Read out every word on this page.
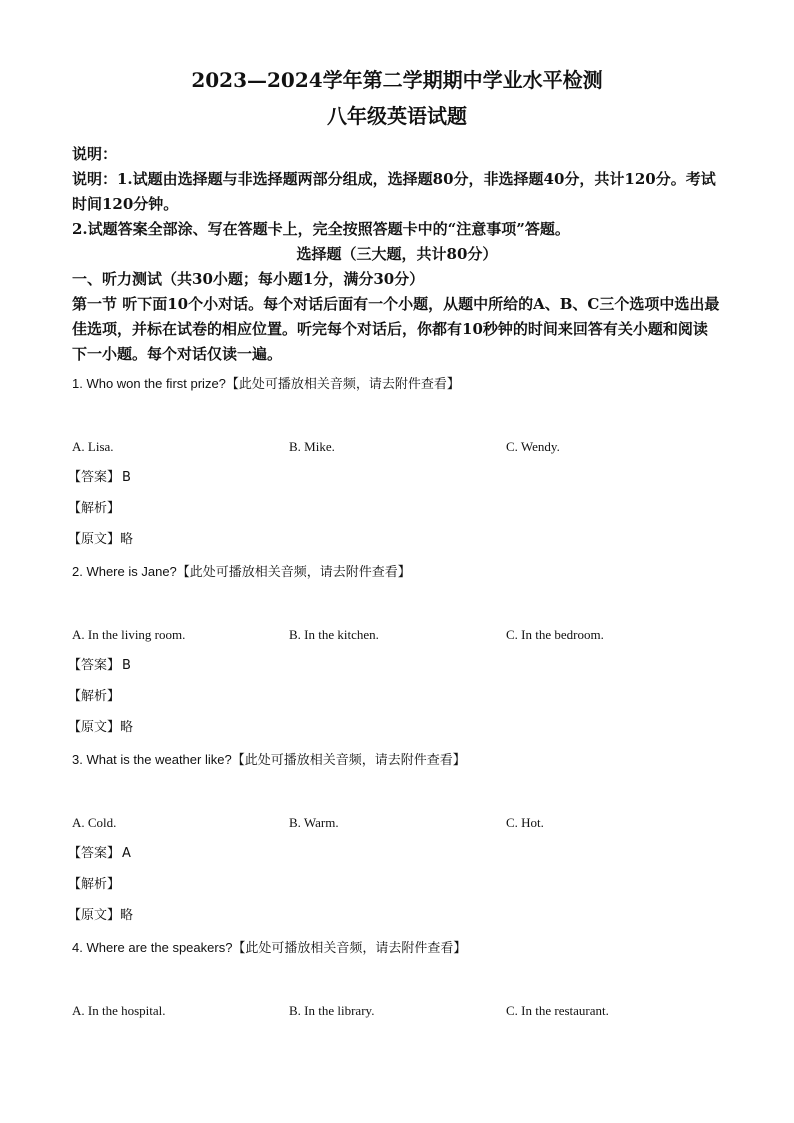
2023—2024学年第二学期期中学业水平检测
八年级英语试题

说明：

说明：1.试题由选择题与非选择题两部分组成，选择题80分，非选择题40分，共计120分。考试时间120分钟。

2.试题答案全部涂、写在答题卡上，完全按照答题卡中的“注意事项”答题。

选择题（三大题，共计80分）

一、听力测试（共30小题；每小题1分，满分30分）

第一节 听下面10个小对话。每个对话后面有一个小题，从题中所给的A、B、C三个选项中选出最佳选项，并标在试卷的相应位置。听完每个对话后，你都有10秒钟的时间来回答有关小题和阅读下一小题。每个对话仅读一遍。

1. Who won the first prize?【此处可播放相关音频，请去附件查看】
A. Lisa.	B. Mike.	C. Wendy.
【答案】 B
【解析】
【原文】略
2. Where is Jane?【此处可播放相关音频，请去附件查看】
A. In the living room.	B. In the kitchen.	C. In the bedroom.
【答案】 B
【解析】
【原文】略
3. What is the weather like?【此处可播放相关音频，请去附件查看】
A. Cold.	B. Warm.	C. Hot.
【答案】 A
【解析】
【原文】略
4. Where are the speakers?【此处可播放相关音频，请去附件查看】
A. In the hospital.	B. In the library.	C. In the restaurant.
